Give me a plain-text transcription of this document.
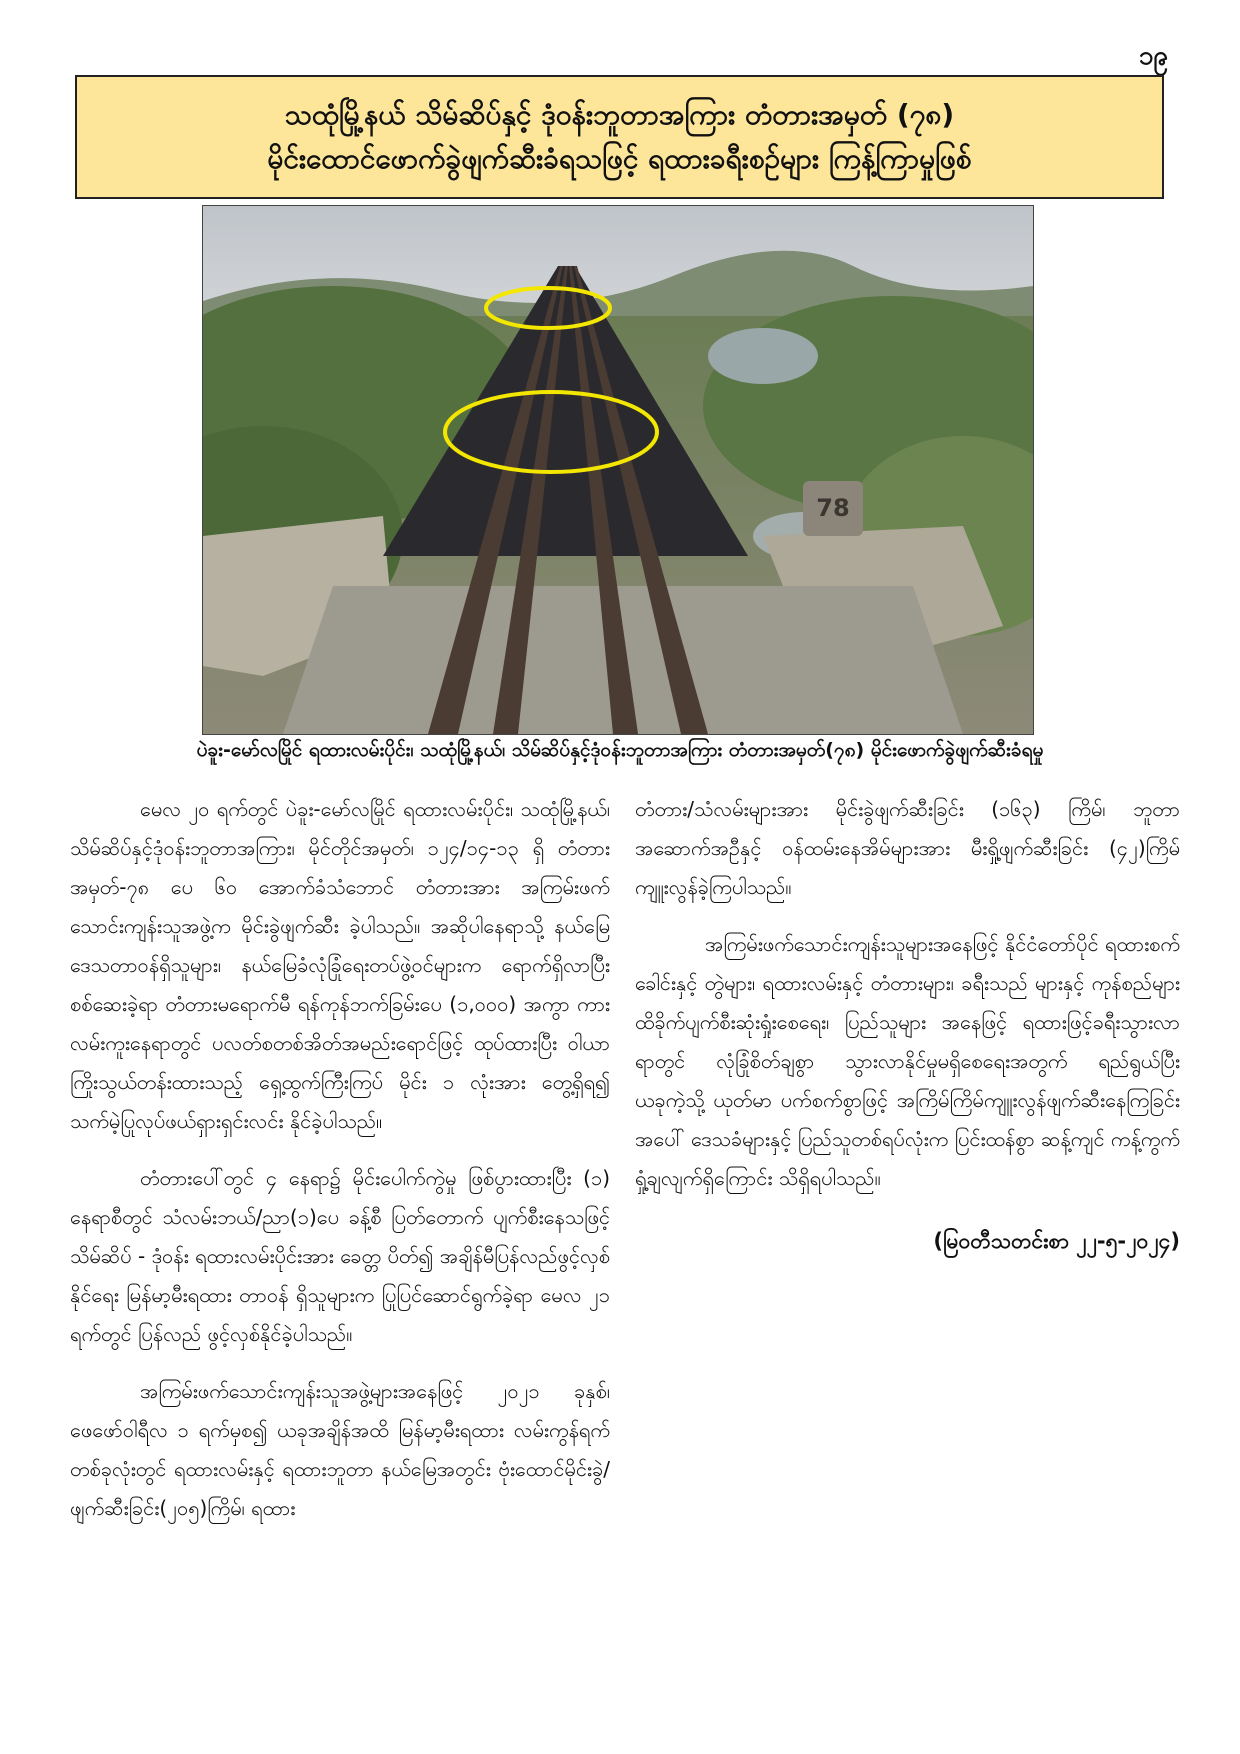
၁၉
သထုံမြို့နယ် သိမ်ဆိပ်နှင့် ဒုံဝန်းဘူတာအကြား တံတားအမှတ် (၇၈)
မိုင်းထောင်ဖောက်ခွဲဖျက်ဆီးခံရသဖြင့် ရထားခရီးစဉ်များ ကြန့်ကြာမှုဖြစ်
78
ပဲခူး-မော်လမြိုင် ရထားလမ်းပိုင်း၊ သထုံမြို့နယ်၊ သိမ်ဆိပ်နှင့်ဒုံဝန်းဘူတာအကြား တံတားအမှတ်(၇၈) မိုင်းဖောက်ခွဲဖျက်ဆီးခံရမှု

မေလ ၂၀ ရက်တွင် ပဲခူး-မော်လမြိုင် ရထားလမ်းပိုင်း၊ သထုံမြို့နယ်၊ သိမ်ဆိပ်နှင့်ဒုံဝန်းဘူတာအကြား၊ မိုင်တိုင်အမှတ်၊ ၁၂၄/၁၄-၁၃ ရှိ တံတားအမှတ်-၇၈ ပေ ၆၀ အောက်ခံသံဘောင် တံတားအား အကြမ်းဖက်သောင်းကျန်းသူအဖွဲ့က မိုင်းခွဲဖျက်ဆီး ခဲ့ပါသည်။ အဆိုပါနေရာသို့ နယ်မြေဒေသတာဝန်ရှိသူများ၊ နယ်မြေခံလုံခြုံရေးတပ်ဖွဲ့ဝင်များက ရောက်ရှိလာပြီး စစ်ဆေးခဲ့ရာ တံတားမရောက်မီ ရန်ကုန်ဘက်ခြမ်းပေ (၁,၀၀၀) အကွာ ကားလမ်းကူးနေရာတွင် ပလတ်စတစ်အိတ်အမည်းရောင်ဖြင့် ထုပ်ထားပြီး ဝါယာကြိုးသွယ်တန်းထားသည့် ရှေ့ထွက်ကြီးကြပ် မိုင်း ၁ လုံးအား တွေ့ရှိရ၍ သက်မဲ့ပြုလုပ်ဖယ်ရှားရှင်းလင်း နိုင်ခဲ့ပါသည်။

တံတားပေါ်တွင် ၄ နေရာ၌ မိုင်းပေါက်ကွဲမှု ဖြစ်ပွားထားပြီး (၁) နေရာစီတွင် သံလမ်းဘယ်/ညာ(၁)ပေ ခန့်စီ ပြတ်တောက် ပျက်စီးနေသဖြင့် သိမ်ဆိပ် - ဒုံဝန်း ရထားလမ်းပိုင်းအား ခေတ္တ ပိတ်၍ အချိန်မီပြန်လည်ဖွင့်လှစ်နိုင်ရေး မြန်မာ့မီးရထား တာဝန် ရှိသူများက ပြုပြင်ဆောင်ရွက်ခဲ့ရာ မေလ ၂၁ ရက်တွင် ပြန်လည် ဖွင့်လှစ်နိုင်ခဲ့ပါသည်။

အကြမ်းဖက်သောင်းကျန်းသူအဖွဲ့များအနေဖြင့် ၂၀၂၁ ခုနှစ်၊ ဖေဖော်ဝါရီလ ၁ ရက်မှစ၍ ယခုအချိန်အထိ မြန်မာ့မီးရထား လမ်းကွန်ရက်တစ်ခုလုံးတွင် ရထားလမ်းနှင့် ရထားဘူတာ နယ်မြေအတွင်း ဗုံးထောင်မိုင်းခွဲ/ဖျက်ဆီးခြင်း(၂၀၅)ကြိမ်၊ ရထား

တံတား/သံလမ်းများအား မိုင်းခွဲဖျက်ဆီးခြင်း (၁၆၃) ကြိမ်၊ ဘူတာအဆောက်အဦနှင့် ဝန်ထမ်းနေအိမ်များအား မီးရှို့ဖျက်ဆီးခြင်း (၄၂)ကြိမ် ကျူးလွန်ခဲ့ကြပါသည်။

အကြမ်းဖက်သောင်းကျန်းသူများအနေဖြင့် နိုင်ငံတော်ပိုင် ရထားစက်ခေါင်းနှင့် တွဲများ၊ ရထားလမ်းနှင့် တံတားများ၊ ခရီးသည် များနှင့် ကုန်စည်များ ထိခိုက်ပျက်စီးဆုံးရှုံးစေရေး၊ ပြည်သူများ အနေဖြင့် ရထားဖြင့်ခရီးသွားလာရာတွင် လုံခြုံစိတ်ချစွာ သွားလာနိုင်မှုမရှိစေရေးအတွက် ရည်ရွယ်ပြီး ယခုကဲ့သို့ ယုတ်မာ ပက်စက်စွာဖြင့် အကြိမ်ကြိမ်ကျူးလွန်ဖျက်ဆီးနေကြခြင်းအပေါ် ဒေသခံများနှင့် ပြည်သူတစ်ရပ်လုံးက ပြင်းထန်စွာ ဆန့်ကျင် ကန့်ကွက်ရှုံ့ချလျက်ရှိကြောင်း သိရှိရပါသည်။

(မြဝတီသတင်းစာ ၂၂-၅-၂၀၂၄)
